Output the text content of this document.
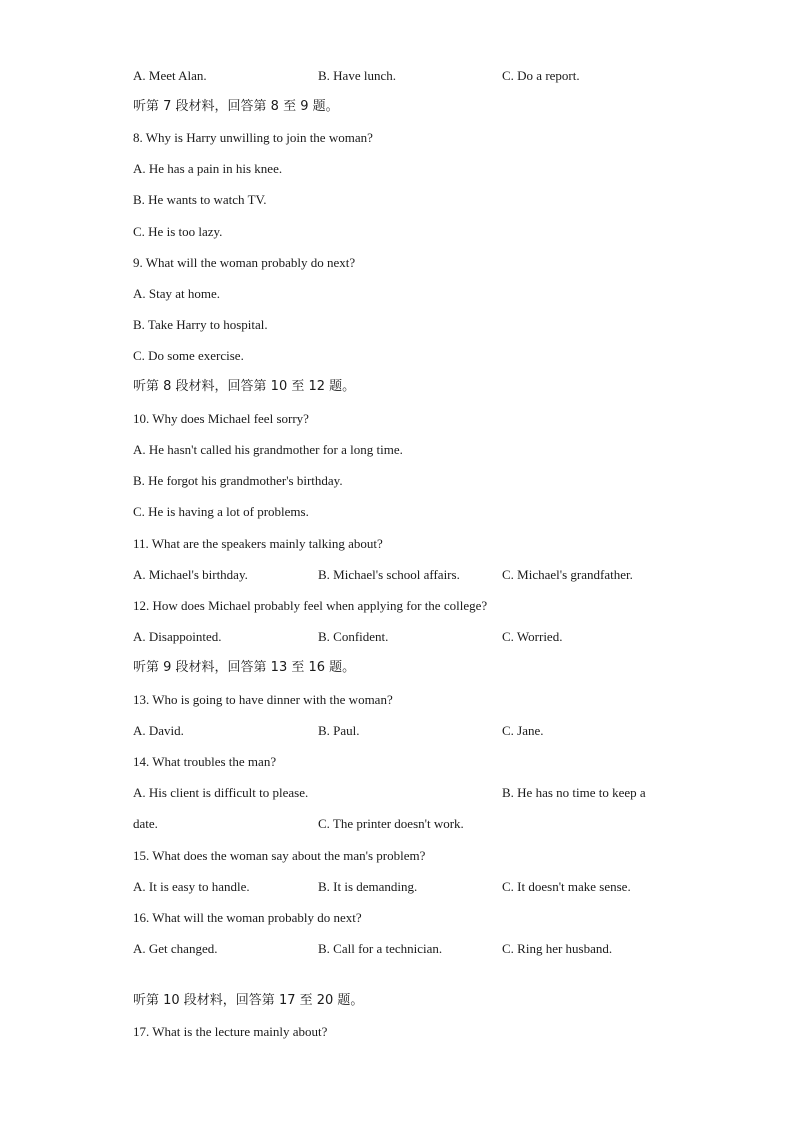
A. Meet Alan.	B. Have lunch.	C. Do a report.
听第 7 段材料，回答第 8 至 9 题。
8. Why is Harry unwilling to join the woman?
A. He has a pain in his knee.
B. He wants to watch TV.
C. He is too lazy.
9. What will the woman probably do next?
A. Stay at home.
B. Take Harry to hospital.
C. Do some exercise.
听第 8 段材料，回答第 10 至 12 题。
10. Why does Michael feel sorry?
A. He hasn't called his grandmother for a long time.
B. He forgot his grandmother's birthday.
C. He is having a lot of problems.
11. What are the speakers mainly talking about?
A. Michael's birthday.	B. Michael's school affairs.	C. Michael's grandfather.
12. How does Michael probably feel when applying for the college?
A. Disappointed.	B. Confident.	C. Worried.
听第 9 段材料，回答第 13 至 16 题。
13. Who is going to have dinner with the woman?
A. David.	B. Paul.	C. Jane.
14. What troubles the man?
A. His client is difficult to please.	B. He has no time to keep a
date.	C. The printer doesn't work.
15. What does the woman say about the man's problem?
A. It is easy to handle.	B. It is demanding.	C. It doesn't make sense.
16. What will the woman probably do next?
A. Get changed.	B. Call for a technician.	C. Ring her husband.
听第 10 段材料，回答第 17 至 20 题。
17. What is the lecture mainly about?
